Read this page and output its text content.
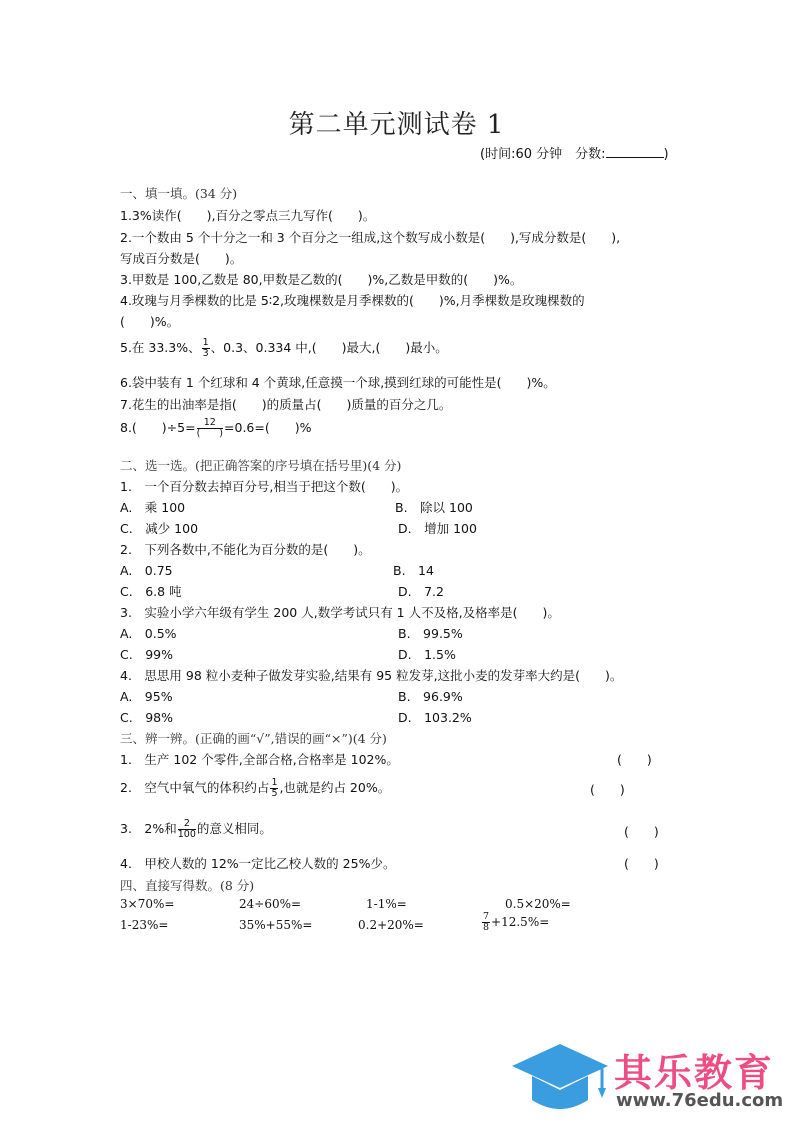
第二单元测试卷 1
(时间:60 分钟　分数:	)
一、填一填。(34 分)
1.3%读作(　　),百分之零点三九写作(　　)。
2.一个数由 5 个十分之一和 3 个百分之一组成,这个数写成小数是(　　),写成分数是(　　),
写成百分数是(　　)。
3.甲数是 100,乙数是 80,甲数是乙数的(　　)%,乙数是甲数的(　　)%。
4.玫瑰与月季棵数的比是 5∶2,玫瑰棵数是月季棵数的(　　)%,月季棵数是玫瑰棵数的
(　　)%。
5.在 33.3%、 $\frac{1}{3}$ 、0.3、0.334 中,(　　)最大,(　　)最小。
6.袋中装有 1 个红球和 4 个黄球,任意摸一个球,摸到红球的可能性是(　　)%。
7.花生的出油率是指(　　)的质量占(　　)质量的百分之几。
8.(　　)$\div 5= \frac{12}{( )} =0.6=$(　　)%
二、选一选。(把正确答案的序号填在括号里)(4 分)
1.　一个百分数去掉百分号,相当于把这个数(　　)。
A.　乘 100	B.　除以 100
C.　减少 100	D.　增加 100
2.　下列各数中,不能化为百分数的是(　　)。
A.　0.75	B.　14
C.　6.8 吨	D.　7.2
3.　实验小学六年级有学生 200 人,数学考试只有 1 人不及格,及格率是(　　)。
A.　0.5%	B.　99.5%
C.　99%	D.　1.5%
4.　思思用 98 粒小麦种子做发芽实验,结果有 95 粒发芽,这批小麦的发芽率大约是(　　)。
A.　95%	B.　96.9%
C.　98%	D.　103.2%
三、辨一辨。(正确的画“√”,错误的画“×”)(4 分)
1.　生产 102 个零件,全部合格,合格率是 102%。	(　　)
2.　空气中氧气的体积约占 $\frac{1}{5}$ ,也就是约占 20%。	(　　)
3.　2%和 $\frac{2}{100}$ 的意义相同。	(　　)
4.　甲校人数的 12%一定比乙校人数的 25%少。	(　　)
四、直接写得数。(8 分)
3×70%=	24÷60%=	1-1%=	0.5×20%=
1-23%=	35%+55%=	0.2+20%=	$\frac{7}{8} +12.5\%=$
其乐教育
www.76edu.com
